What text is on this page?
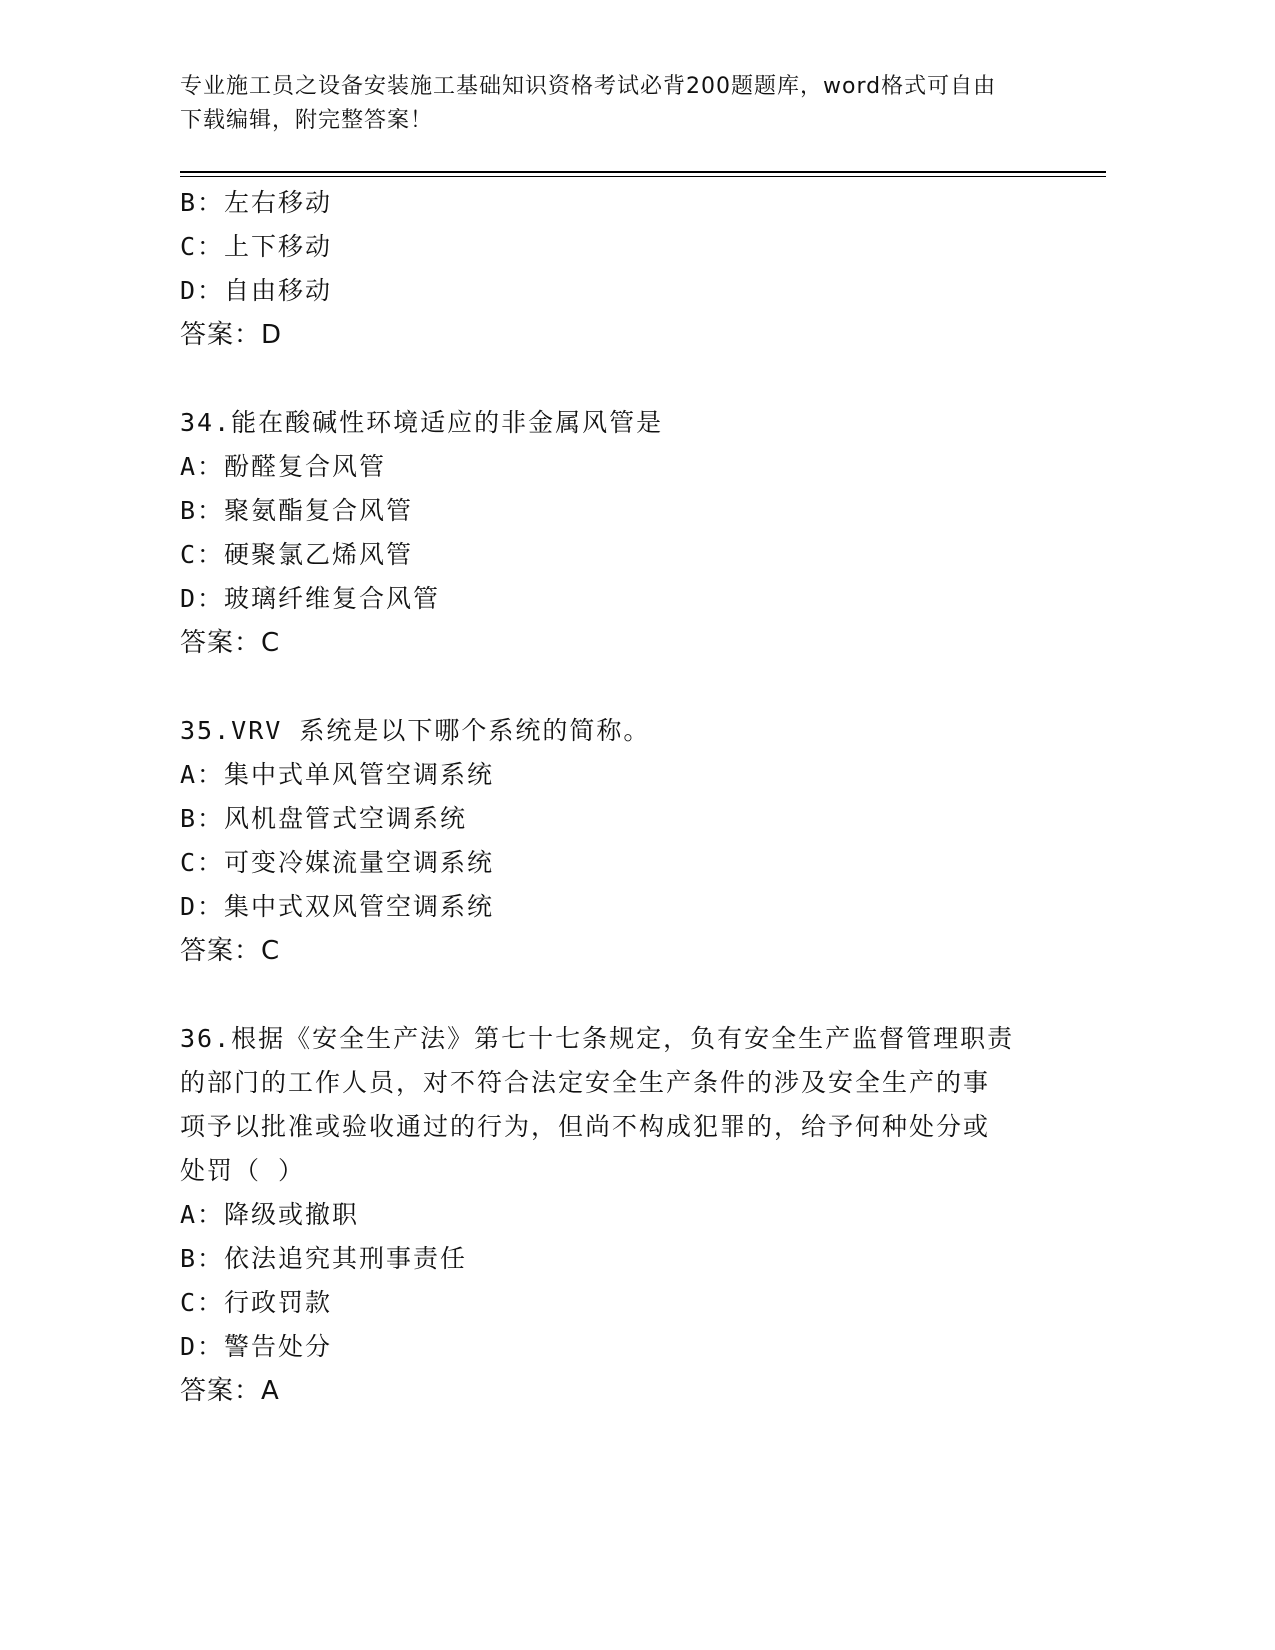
专业施工员之设备安装施工基础知识资格考试必背200题题库，word格式可自由
下载编辑，附完整答案！
B：左右移动
C：上下移动
D：自由移动
答案：D
34.能在酸碱性环境适应的非金属风管是
A：酚醛复合风管
B：聚氨酯复合风管
C：硬聚氯乙烯风管
D：玻璃纤维复合风管
答案：C
35.VRV 系统是以下哪个系统的简称。
A：集中式单风管空调系统
B：风机盘管式空调系统
C：可变冷媒流量空调系统
D：集中式双风管空调系统
答案：C
36.根据《安全生产法》第七十七条规定，负有安全生产监督管理职责
的部门的工作人员，对不符合法定安全生产条件的涉及安全生产的事
项予以批准或验收通过的行为，但尚不构成犯罪的，给予何种处分或
处罚（ ）
A：降级或撤职
B：依法追究其刑事责任
C：行政罚款
D：警告处分
答案：A
